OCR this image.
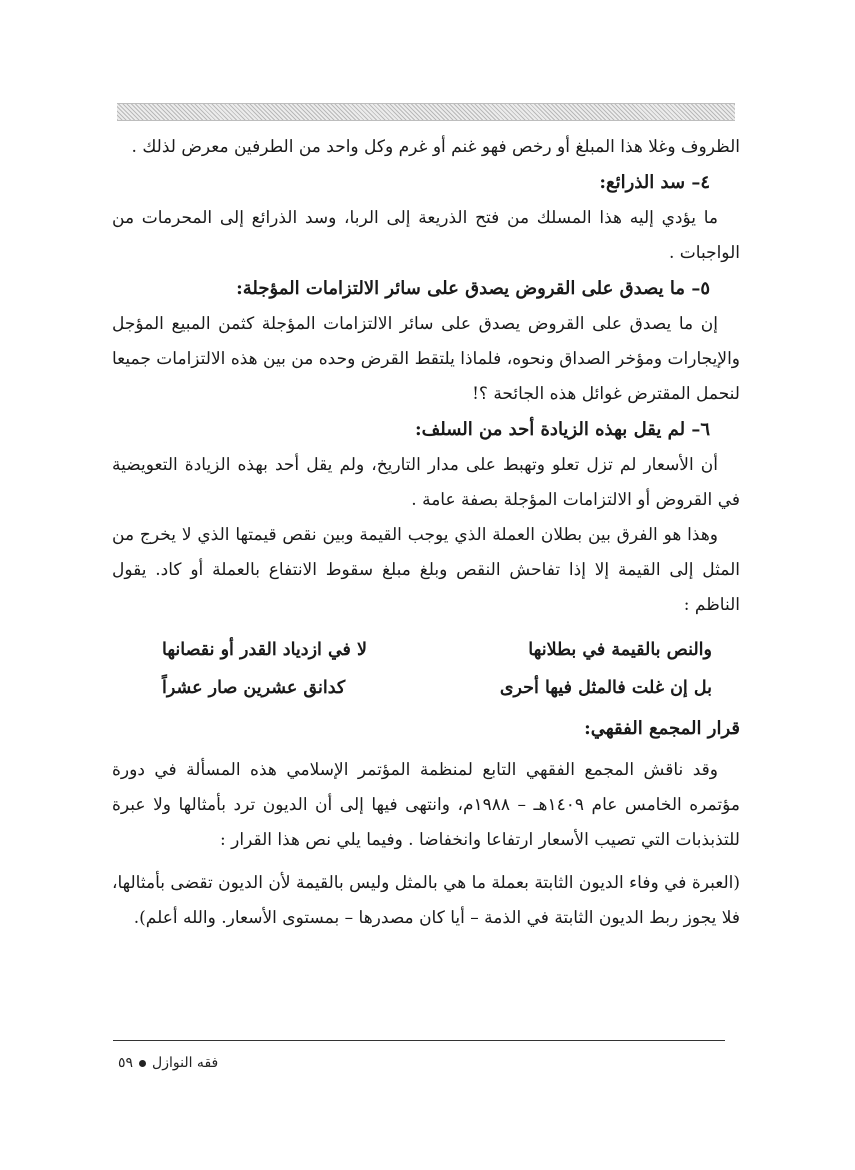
الظروف وغلا هذا المبلغ أو رخص فهو غنم أو غرم وكل واحد من الطرفين معرض لذلك .

٤– سد الذرائع:

ما يؤدي إليه هذا المسلك من فتح الذريعة إلى الربا، وسد الذرائع إلى المحرمات من الواجبات .

٥– ما يصدق على القروض يصدق على سائر الالتزامات المؤجلة:

إن ما يصدق على القروض يصدق على سائر الالتزامات المؤجلة كثمن المبيع المؤجل والإيجارات ومؤخر الصداق ونحوه، فلماذا يلتقط القرض وحده من بين هذه الالتزامات جميعا لنحمل المقترض غوائل هذه الجائحة ؟!

٦– لم يقل بهذه الزيادة أحد من السلف:

أن الأسعار لم تزل تعلو وتهبط على مدار التاريخ، ولم يقل أحد بهذه الزيادة التعويضية في القروض أو الالتزامات المؤجلة بصفة عامة .

وهذا هو الفرق بين بطلان العملة الذي يوجب القيمة وبين نقص قيمتها الذي لا يخرج من المثل إلى القيمة إلا إذا تفاحش النقص وبلغ مبلغ سقوط الانتفاع بالعملة أو كاد. يقول الناظم :

والنص بالقيمة في بطلانها
لا في ازدياد القدر أو نقصانها
بل إن غلت فالمثل فيها أحرى
كدانق عشرين صار عشراً

قرار المجمع الفقهي:

وقد ناقش المجمع الفقهي التابع لمنظمة المؤتمر الإسلامي هذه المسألة في دورة مؤتمره الخامس عام ١٤٠٩هـ – ١٩٨٨م، وانتهى فيها إلى أن الديون ترد بأمثالها ولا عبرة للتذبذبات التي تصيب الأسعار ارتفاعا وانخفاضا . وفيما يلي نص هذا القرار :

(العبرة في وفاء الديون الثابتة بعملة ما هي بالمثل وليس بالقيمة لأن الديون تقضى بأمثالها، فلا يجوز ربط الديون الثابتة في الذمة – أيا كان مصدرها – بمستوى الأسعار. والله أعلم).

فقه النوازل
٥٩
